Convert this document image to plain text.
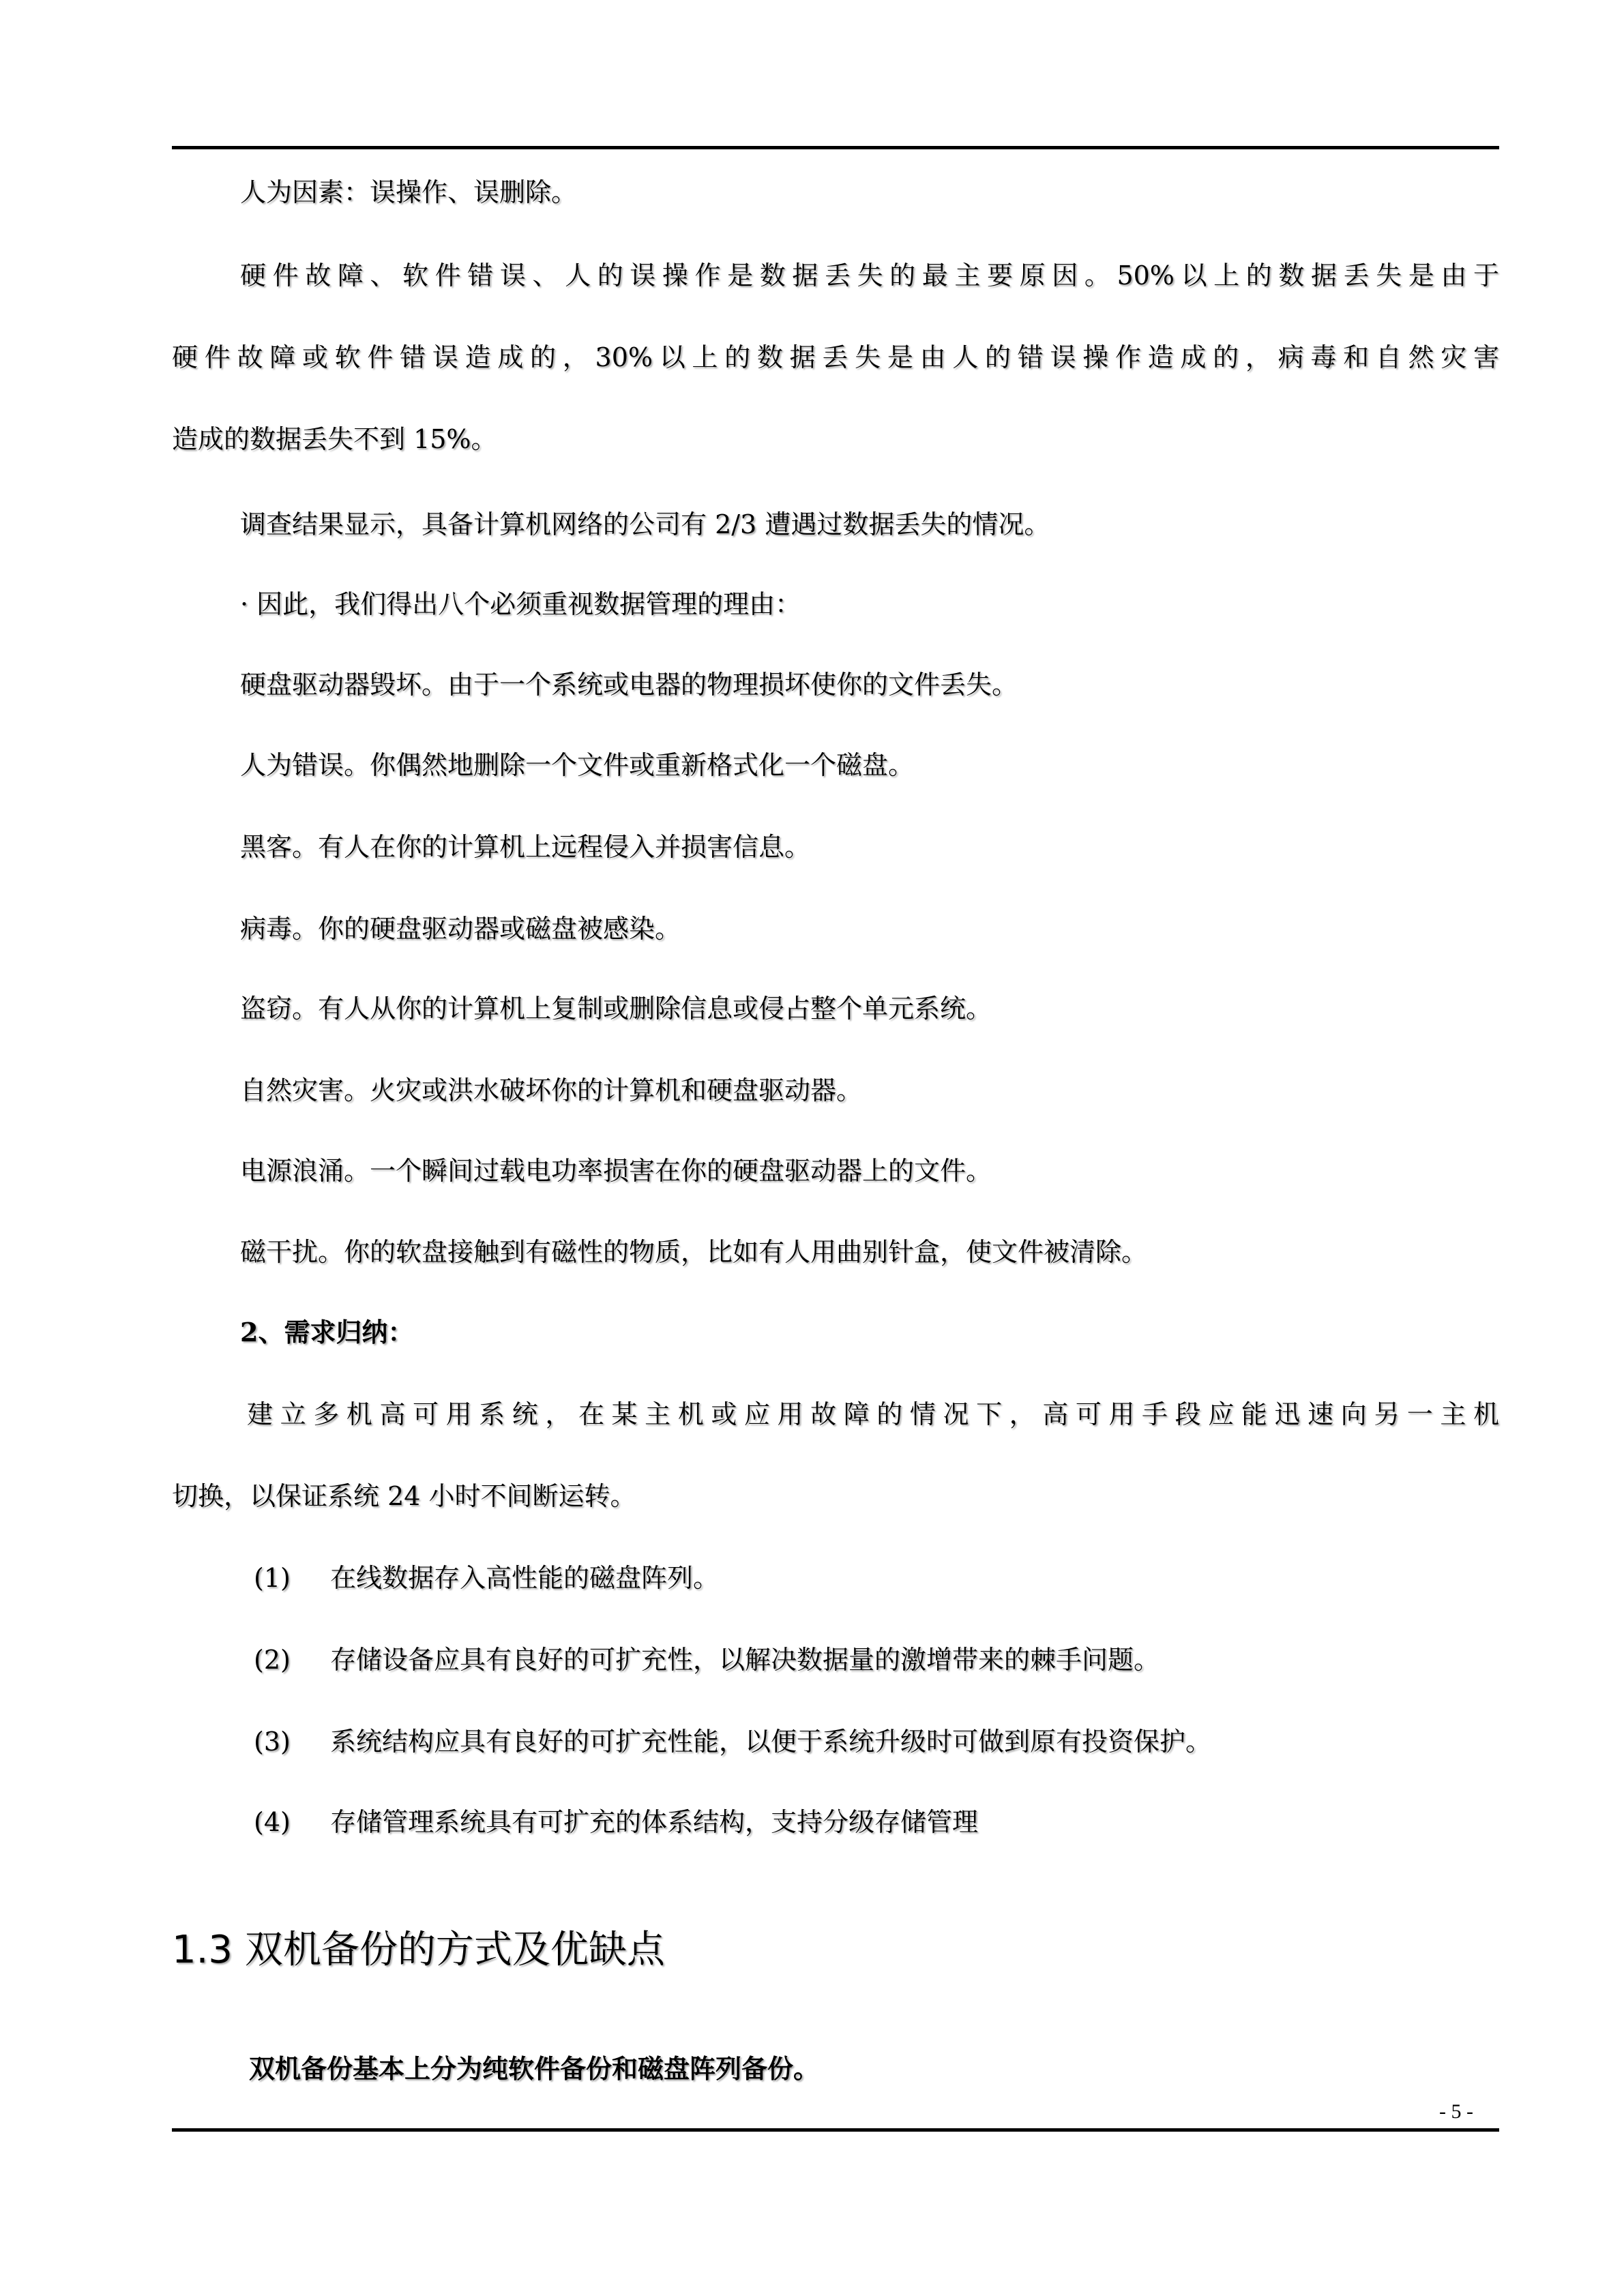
人为因素：误操作、误删除。
硬件故障、软件错误、人的误操作是数据丢失的最主要原因。50%以上的数据丢失是由于
硬件故障或软件错误造成的，30%以上的数据丢失是由人的错误操作造成的，病毒和自然灾害
造成的数据丢失不到 15%。
调查结果显示，具备计算机网络的公司有 2/3 遭遇过数据丢失的情况。
· 因此，我们得出八个必须重视数据管理的理由：
硬盘驱动器毁坏。由于一个系统或电器的物理损坏使你的文件丢失。
人为错误。你偶然地删除一个文件或重新格式化一个磁盘。
黑客。有人在你的计算机上远程侵入并损害信息。
病毒。你的硬盘驱动器或磁盘被感染。
盗窃。有人从你的计算机上复制或删除信息或侵占整个单元系统。
自然灾害。火灾或洪水破坏你的计算机和硬盘驱动器。
电源浪涌。一个瞬间过载电功率损害在你的硬盘驱动器上的文件。
磁干扰。你的软盘接触到有磁性的物质，比如有人用曲别针盒，使文件被清除。
2、需求归纳：
建立多机高可用系统，在某主机或应用故障的情况下，高可用手段应能迅速向另一主机
切换，以保证系统 24 小时不间断运转。
(1) 在线数据存入高性能的磁盘阵列。
(2) 存储设备应具有良好的可扩充性，以解决数据量的激增带来的棘手问题。
(3) 系统结构应具有良好的可扩充性能，以便于系统升级时可做到原有投资保护。
(4) 存储管理系统具有可扩充的体系结构，支持分级存储管理
1.3 双机备份的方式及优缺点
双机备份基本上分为纯软件备份和磁盘阵列备份。
- 5 -
